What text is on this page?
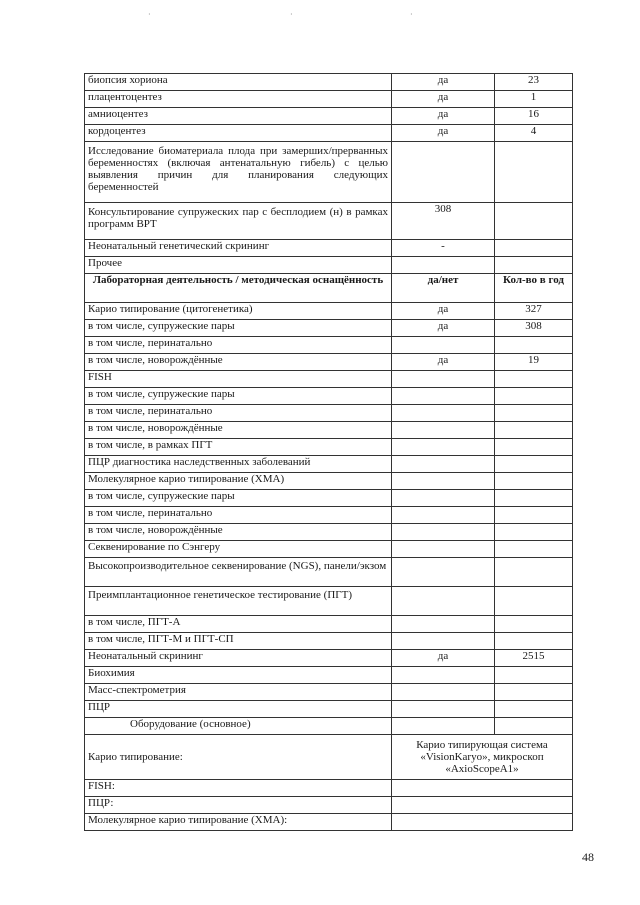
·	·	·
биопсия хориона	да	23
плацентоцентез	да	1
амниоцентез	да	16
кордоцентез	да	4
Исследование биоматериала плода при замерших/прерванных беременностях (включая антенатальную гибель) с целью выявления причин для планирования следующих беременностей		
Консультирование супружеских пар с бесплодием (н) в рамках программ ВРТ	308	
Неонатальный генетический скрининг	-	
Прочее		
Лабораторная деятельность / методическая оснащённость	да/нет	Кол-во в год
Карио типирование (цитогенетика)	да	327
в том числе, супружеские пары	да	308
в том числе, перинатально		
в том числе, новорождённые	да	19
FISH		
в том числе, супружеские пары		
в том числе, перинатально		
в том числе, новорождённые		
в том числе, в рамках ПГТ		
ПЦР диагностика наследственных заболеваний		
Молекулярное карио типирование (ХМА)		
в том числе, супружеские пары		
в том числе, перинатально		
в том числе, новорождённые		
Секвенирование по Сэнгеру		
Высокопроизводительное секвенирование (NGS), панели/экзом		
Преимплантационное генетическое тестирование (ПГТ)		
в том числе, ПГТ-А		
в том числе, ПГТ-М и ПГТ-СП		
Неонатальный скрининг	да	2515
Биохимия		
Масс-спектрометрия		
ПЦР		
Оборудование (основное)		
Карио типирование:	Карио типирующая система «VisionKaryo», микроскоп «AxioScopeA1»	
FISH:		
ПЦР:		
Молекулярное карио типирование (ХМА):		
48
